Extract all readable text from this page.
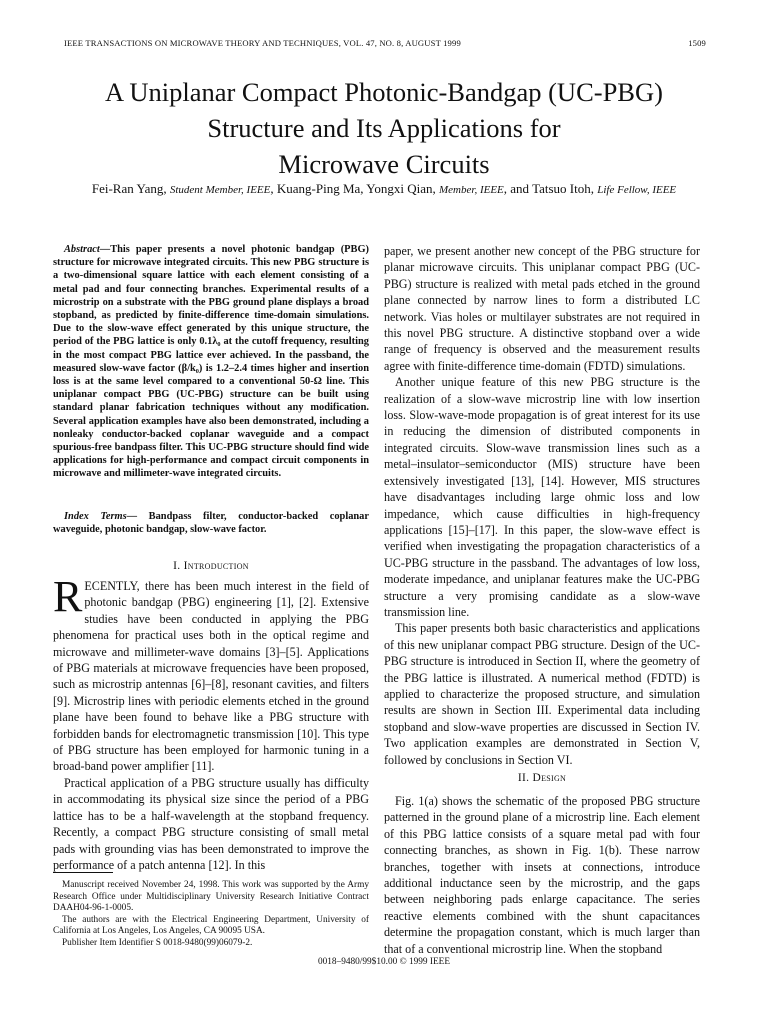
IEEE TRANSACTIONS ON MICROWAVE THEORY AND TECHNIQUES, VOL. 47, NO. 8, AUGUST 1999	1509
A Uniplanar Compact Photonic-Bandgap (UC-PBG)
Structure and Its Applications for
Microwave Circuits
Fei-Ran Yang, Student Member, IEEE, Kuang-Ping Ma, Yongxi Qian, Member, IEEE, and Tatsuo Itoh, Life Fellow, IEEE
Abstract—This paper presents a novel photonic bandgap (PBG) structure for microwave integrated circuits. This new PBG structure is a two-dimensional square lattice with each element consisting of a metal pad and four connecting branches. Experimental results of a microstrip on a substrate with the PBG ground plane displays a broad stopband, as predicted by finite-difference time-domain simulations. Due to the slow-wave effect generated by this unique structure, the period of the PBG lattice is only 0.1λ₀ at the cutoff frequency, resulting in the most compact PBG lattice ever achieved. In the passband, the measured slow-wave factor (β/k₀) is 1.2–2.4 times higher and insertion loss is at the same level compared to a conventional 50-Ω line. This uniplanar compact PBG (UC-PBG) structure can be built using standard planar fabrication techniques without any modification. Several application examples have also been demonstrated, including a nonleaky conductor-backed coplanar waveguide and a compact spurious-free bandpass filter. This UC-PBG structure should find wide applications for high-performance and compact circuit components in microwave and millimeter-wave integrated circuits.
Index Terms— Bandpass filter, conductor-backed coplanar waveguide, photonic bandgap, slow-wave factor.
I. Introduction

RECENTLY, there has been much interest in the field of photonic bandgap (PBG) engineering [1], [2]. Extensive studies have been conducted in applying the PBG phenomena for practical uses both in the optical regime and microwave and millimeter-wave domains [3]–[5]. Applications of PBG materials at microwave frequencies have been proposed, such as microstrip antennas [6]–[8], resonant cavities, and filters [9]. Microstrip lines with periodic elements etched in the ground plane have been found to behave like a PBG structure with forbidden bands for electromagnetic transmission [10]. This type of PBG structure has been employed for harmonic tuning in a broad-band power amplifier [11].

Practical application of a PBG structure usually has difficulty in accommodating its physical size since the period of a PBG lattice has to be a half-wavelength at the stopband frequency. Recently, a compact PBG structure consisting of small metal pads with grounding vias has been demonstrated to improve the performance of a patch antenna [12]. In this

Manuscript received November 24, 1998. This work was supported by the Army Research Office under Multidisciplinary University Research Initiative Contract DAAH04-96-1-0005.

The authors are with the Electrical Engineering Department, University of California at Los Angeles, Los Angeles, CA 90095 USA.

Publisher Item Identifier S 0018-9480(99)06079-2.

paper, we present another new concept of the PBG structure for planar microwave circuits. This uniplanar compact PBG (UC-PBG) structure is realized with metal pads etched in the ground plane connected by narrow lines to form a distributed LC network. Vias holes or multilayer substrates are not required in this novel PBG structure. A distinctive stopband over a wide range of frequency is observed and the measurement results agree with finite-difference time-domain (FDTD) simulations.

Another unique feature of this new PBG structure is the realization of a slow-wave microstrip line with low insertion loss. Slow-wave-mode propagation is of great interest for its use in reducing the dimension of distributed components in integrated circuits. Slow-wave transmission lines such as a metal–insulator–semiconductor (MIS) structure have been extensively investigated [13], [14]. However, MIS structures have disadvantages including large ohmic loss and low impedance, which cause difficulties in high-frequency applications [15]–[17]. In this paper, the slow-wave effect is verified when investigating the propagation characteristics of a UC-PBG structure in the passband. The advantages of low loss, moderate impedance, and uniplanar features make the UC-PBG structure a very promising candidate as a slow-wave transmission line.

This paper presents both basic characteristics and applications of this new uniplanar compact PBG structure. Design of the UC-PBG structure is introduced in Section II, where the geometry of the PBG lattice is illustrated. A numerical method (FDTD) is applied to characterize the proposed structure, and simulation results are shown in Section III. Experimental data including stopband and slow-wave properties are discussed in Section IV. Two application examples are demonstrated in Section V, followed by conclusions in Section VI.

II. Design

Fig. 1(a) shows the schematic of the proposed PBG structure patterned in the ground plane of a microstrip line. Each element of this PBG lattice consists of a square metal pad with four connecting branches, as shown in Fig. 1(b). These narrow branches, together with insets at connections, introduce additional inductance seen by the microstrip, and the gaps between neighboring pads enlarge capacitance. The series reactive elements combined with the shunt capacitances determine the propagation constant, which is much larger than that of a conventional microstrip line. When the stopband

0018–9480/99$10.00 © 1999 IEEE
